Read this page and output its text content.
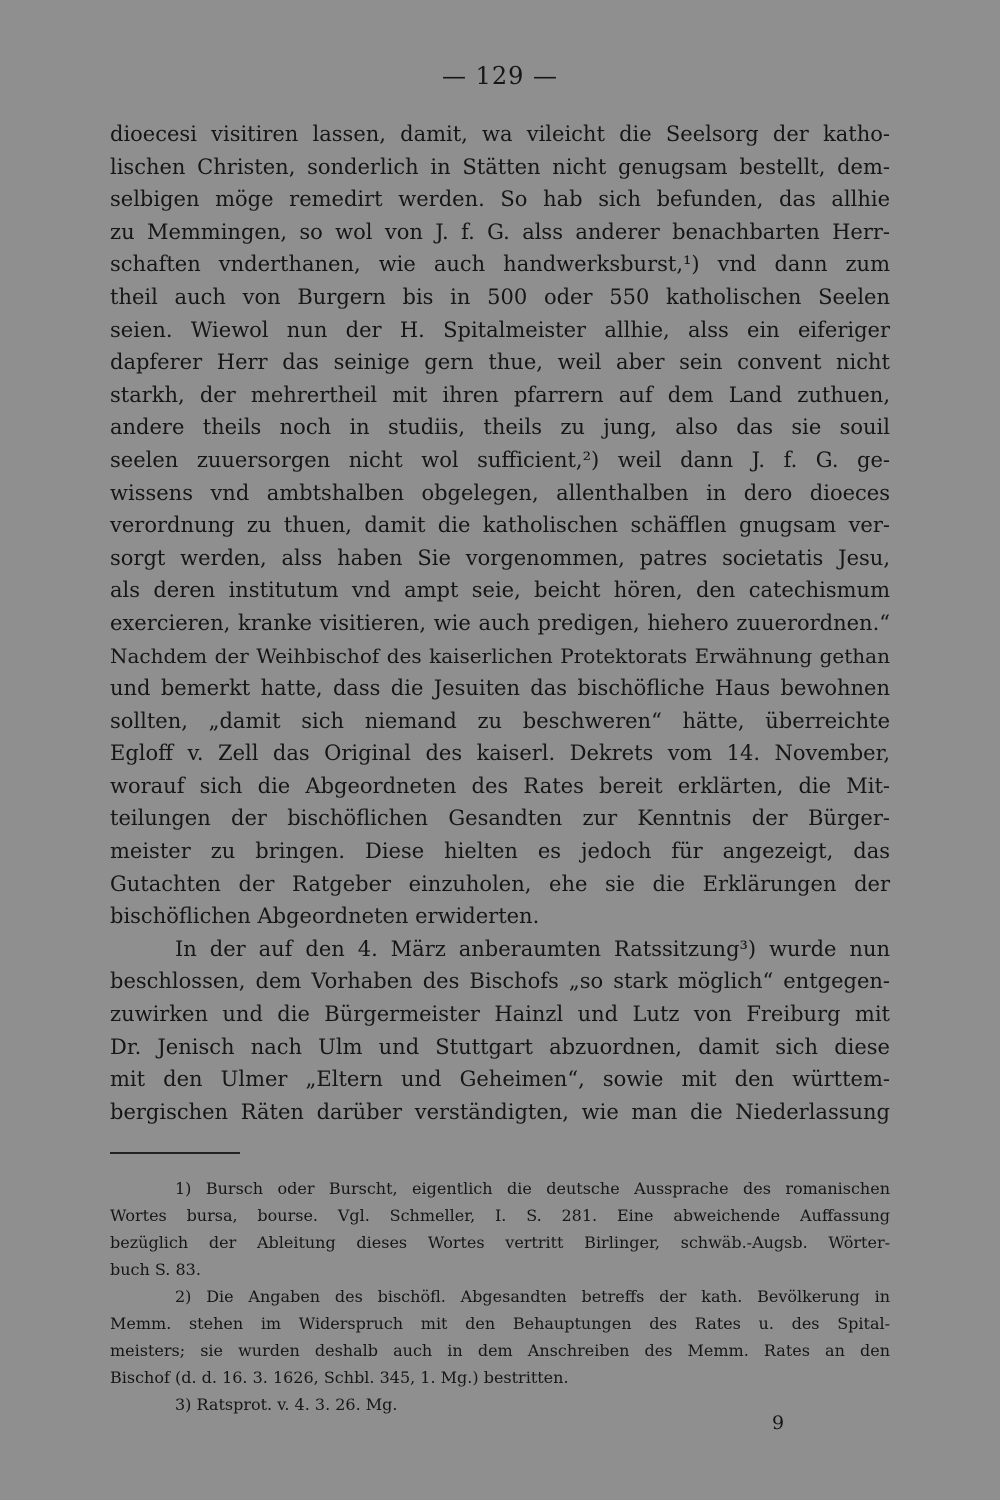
— 129 —
dioecesi visitiren lassen, damit, wa vileicht die Seelsorg der katho-
lischen Christen, sonderlich in Stätten nicht genugsam bestellt, dem-
selbigen möge remedirt werden. So hab sich befunden, das allhie
zu Memmingen, so wol von J. f. G. alss anderer benachbarten Herr-
schaften vnderthanen, wie auch handwerksburst,¹) vnd dann zum
theil auch von Burgern bis in 500 oder 550 katholischen Seelen
seien. Wiewol nun der H. Spitalmeister allhie, alss ein eiferiger
dapferer Herr das seinige gern thue, weil aber sein convent nicht
starkh, der mehrertheil mit ihren pfarrern auf dem Land zuthuen,
andere theils noch in studiis, theils zu jung, also das sie souil
seelen zuuersorgen nicht wol sufficient,²) weil dann J. f. G. ge-
wissens vnd ambtshalben obgelegen, allenthalben in dero dioeces
verordnung zu thuen, damit die katholischen schäfflen gnugsam ver-
sorgt werden, alss haben Sie vorgenommen, patres societatis Jesu,
als deren institutum vnd ampt seie, beicht hören, den catechismum
exercieren, kranke visitieren, wie auch predigen, hiehero zuuerordnen.“
Nachdem der Weihbischof des kaiserlichen Protektorats Erwähnung gethan
und bemerkt hatte, dass die Jesuiten das bischöfliche Haus bewohnen
sollten, „damit sich niemand zu beschweren“ hätte, überreichte
Egloff v. Zell das Original des kaiserl. Dekrets vom 14. November,
worauf sich die Abgeordneten des Rates bereit erklärten, die Mit-
teilungen der bischöflichen Gesandten zur Kenntnis der Bürger-
meister zu bringen. Diese hielten es jedoch für angezeigt, das
Gutachten der Ratgeber einzuholen, ehe sie die Erklärungen der
bischöflichen Abgeordneten erwiderten.
In der auf den 4. März anberaumten Ratssitzung³) wurde nun
beschlossen, dem Vorhaben des Bischofs „so stark möglich“ entgegen-
zuwirken und die Bürgermeister Hainzl und Lutz von Freiburg mit
Dr. Jenisch nach Ulm und Stuttgart abzuordnen, damit sich diese
mit den Ulmer „Eltern und Geheimen“, sowie mit den württem-
bergischen Räten darüber verständigten, wie man die Niederlassung
1) Bursch oder Burscht, eigentlich die deutsche Aussprache des romanischen
Wortes bursa, bourse. Vgl. Schmeller, I. S. 281. Eine abweichende Auffassung
bezüglich der Ableitung dieses Wortes vertritt Birlinger, schwäb.-Augsb. Wörter-
buch S. 83.
2) Die Angaben des bischöfl. Abgesandten betreffs der kath. Bevölkerung in
Memm. stehen im Widerspruch mit den Behauptungen des Rates u. des Spital-
meisters; sie wurden deshalb auch in dem Anschreiben des Memm. Rates an den
Bischof (d. d. 16. 3. 1626, Schbl. 345, 1. Mg.) bestritten.
3) Ratsprot. v. 4. 3. 26. Mg.
9
